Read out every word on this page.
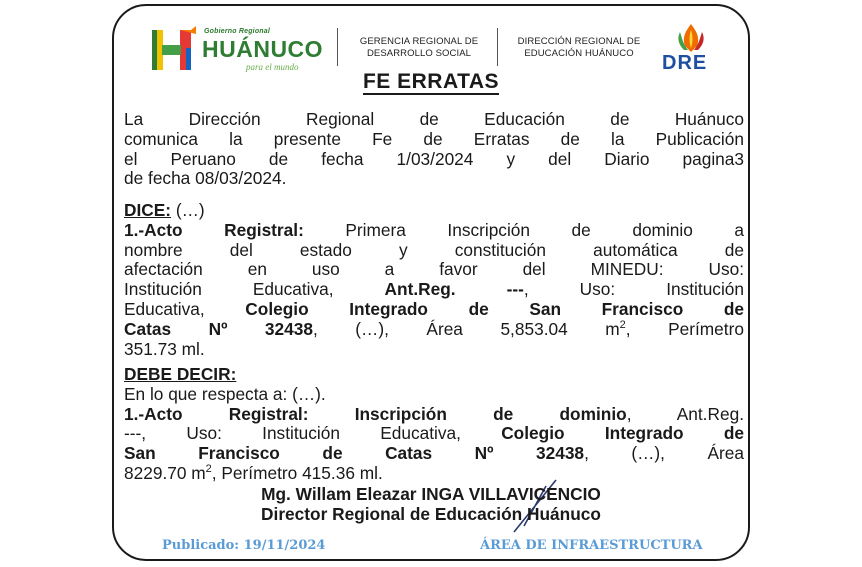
Gobierno Regional
HUÁNUCO
para el mundo
GERENCIA REGIONAL DE
DESARROLLO SOCIAL
DIRECCIÓN REGIONAL DE
EDUCACIÓN HUÁNUCO	DRE
FE ERRATAS
La Dirección Regional de Educación de Huánuco
comunica la presente Fe de Erratas de la Publicación
el Peruano de fecha 1/03/2024 y del Diario pagina3
de fecha 08/03/2024.
DICE: (…)
1.-Acto Registral: Primera Inscripción de dominio a
nombre del estado y constitución automática de
afectación en uso a favor del MINEDU: Uso:
Institución Educativa, Ant.Reg. ---, Uso: Institución
Educativa, Colegio Integrado de San Francisco de
Catas Nº 32438, (…), Área 5,853.04 $m^2$, Perímetro
351.73 ml.
DEBE DECIR:
En lo que respecta a: (…).
1.-Acto Registral: Inscripción de dominio, Ant.Reg.
---, Uso: Institución Educativa, Colegio Integrado de
San Francisco de Catas Nº 32438, (…), Área
8229.70 $m^2$, Perímetro 415.36 ml.
Mg. Willam Eleazar INGA VILLAVICENCIO
Director Regional de Educación Huánuco
Publicado: 19/11/2024	ÁREA DE INFRAESTRUCTURA
